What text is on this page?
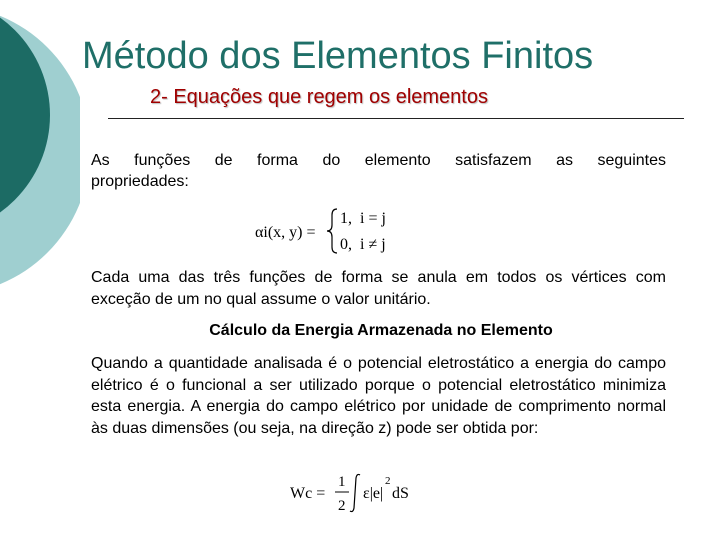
Método dos Elementos Finitos
2- Equações que regem os elementos

As funções de forma do elemento satisfazem as seguintes

propriedades:

αi(x, y) =
1, i = j
0, i ≠ j

Cada uma das três funções de forma se anula em todos os vértices com exceção de um no qual assume o valor unitário.

Cálculo da Energia Armazenada no Elemento

Quando a quantidade analisada é o potencial eletrostático a energia do campo elétrico é o funcional a ser utilizado porque o potencial eletrostático minimiza esta energia. A energia do campo elétrico por unidade de comprimento normal às duas dimensões (ou seja, na direção z) pode ser obtida por:

Wc =
1
2
ε|e|
2
dS
